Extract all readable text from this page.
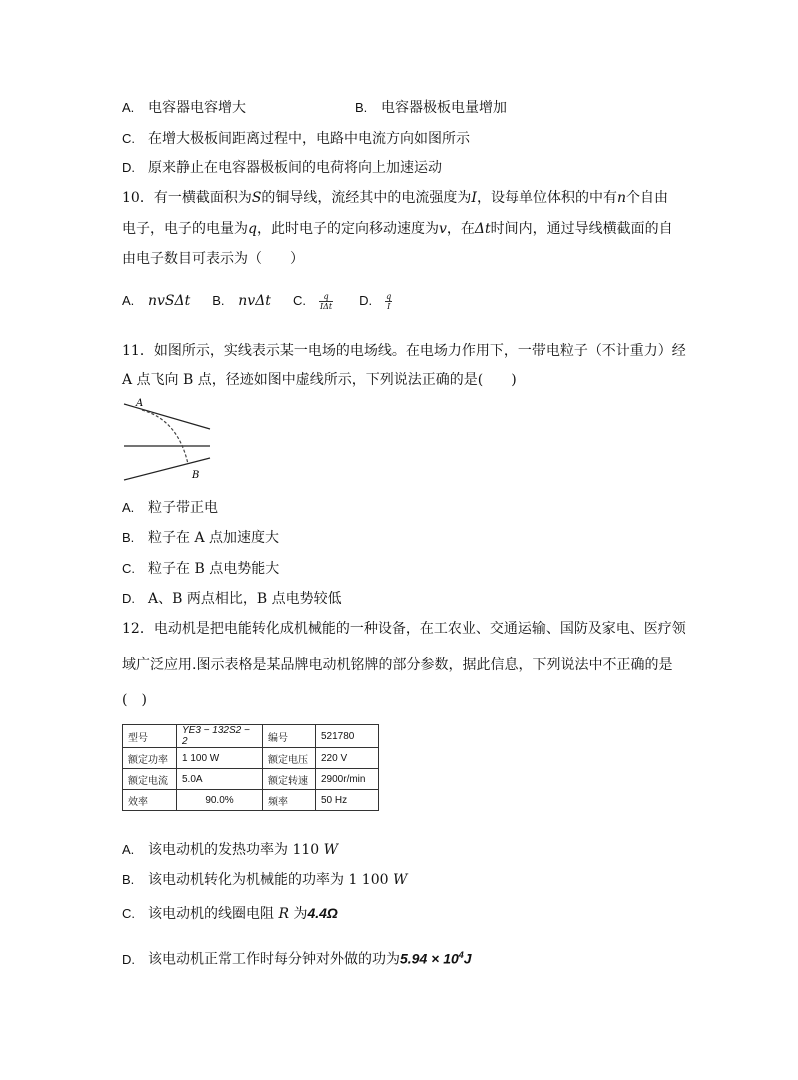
A. 电容器电容增大	B. 电容器极板电量增加
C. 在增大极板间距离过程中，电路中电流方向如图所示
D. 原来静止在电容器极板间的电荷将向上加速运动
10．有一横截面积为S的铜导线，流经其中的电流强度为I，设每单位体积的中有n个自由
电子，电子的电量为q，此时电子的定向移动速度为v，在Δt时间内，通过导线横截面的自
由电子数目可表示为（　　）
A. nvSΔt B. nvΔt C. $\frac{q}{\text{IΔt}} D$. $\frac{q}{I}$
11．如图所示，实线表示某一电场的电场线。在电场力作用下，一带电粒子（不计重力）经
A 点飞向 B 点，径迹如图中虚线所示，下列说法正确的是(　　)
A
B
A. 粒子带正电
B. 粒子在 A 点加速度大
C. 粒子在 B 点电势能大
D. A、B 两点相比，B 点电势较低
12．电动机是把电能转化成机械能的一种设备，在工农业、交通运输、国防及家电、医疗领
域广泛应用.图示表格是某品牌电动机铭牌的部分参数，据此信息，下列说法中不正确的是
(　)
型号	YE3 − 132S2 − 2	编号	521780
额定功率	1 100 W	额定电压	220 V
额定电流	5.0A	额定转速	2900r/min
效率	90.0%	频率	50 Hz
A. 该电动机的发热功率为 110 W
B. 该电动机转化为机械能的功率为 1 100 W
C. 该电动机的线圈电阻 R 为4.4Ω
D. 该电动机正常工作时每分钟对外做的功为$5.94 \times 10^4J$
